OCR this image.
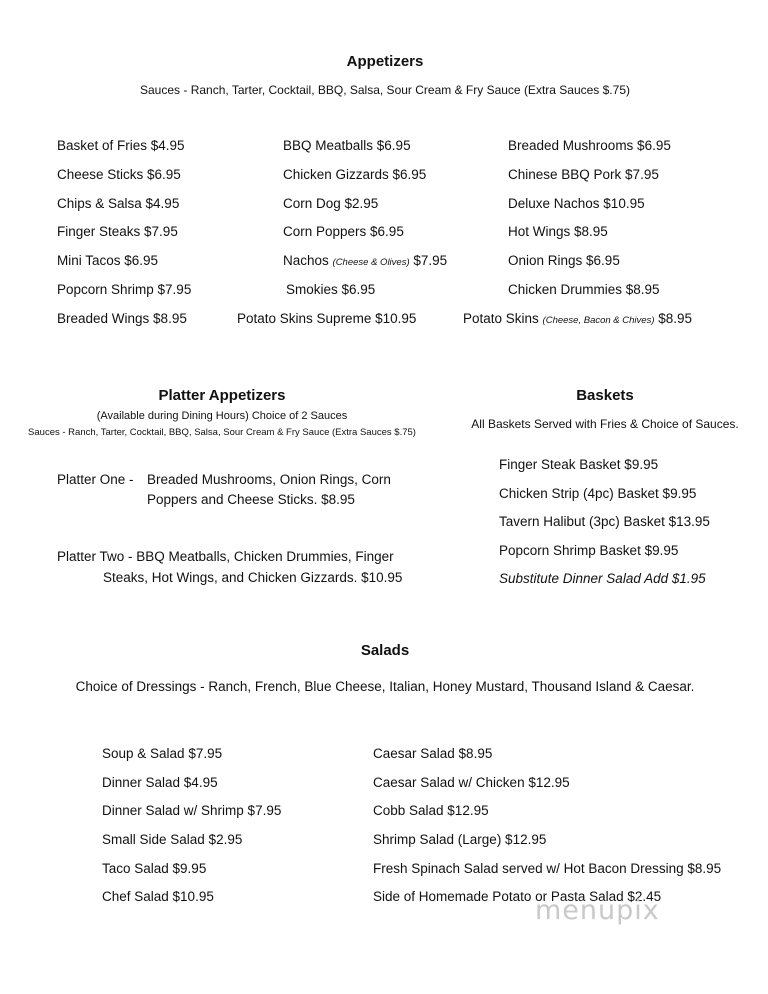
Appetizers
Sauces - Ranch, Tarter, Cocktail, BBQ, Salsa, Sour Cream & Fry Sauce (Extra Sauces $.75)
Basket of Fries $4.95
Cheese Sticks $6.95
Chips & Salsa $4.95
Finger Steaks $7.95
Mini Tacos $6.95
Popcorn Shrimp $7.95
Breaded Wings $8.95
BBQ Meatballs $6.95
Chicken Gizzards $6.95
Corn Dog $2.95
Corn Poppers $6.95
Nachos (Cheese & Olives) $7.95
Smokies $6.95
Potato Skins Supreme $10.95
Breaded Mushrooms $6.95
Chinese BBQ Pork $7.95
Deluxe Nachos $10.95
Hot Wings $8.95
Onion Rings $6.95
Chicken Drummies $8.95
Potato Skins (Cheese, Bacon & Chives) $8.95
Platter Appetizers
(Available during Dining Hours) Choice of 2 Sauces
Sauces - Ranch, Tarter, Cocktail, BBQ, Salsa, Sour Cream & Fry Sauce (Extra Sauces $.75)
Platter One - Breaded Mushrooms, Onion Rings, Corn
Poppers and Cheese Sticks. $8.95
Platter Two - BBQ Meatballs, Chicken Drummies, Finger
Steaks, Hot Wings, and Chicken Gizzards. $10.95
Baskets
All Baskets Served with Fries & Choice of Sauces.
Finger Steak Basket $9.95
Chicken Strip (4pc) Basket $9.95
Tavern Halibut (3pc) Basket $13.95
Popcorn Shrimp Basket $9.95
Substitute Dinner Salad Add $1.95
Salads
Choice of Dressings - Ranch, French, Blue Cheese, Italian, Honey Mustard, Thousand Island & Caesar.
Soup & Salad $7.95
Dinner Salad $4.95
Dinner Salad w/ Shrimp $7.95
Small Side Salad $2.95
Taco Salad $9.95
Chef Salad $10.95
Caesar Salad $8.95
Caesar Salad w/ Chicken $12.95
Cobb Salad $12.95
Shrimp Salad (Large) $12.95
Fresh Spinach Salad served w/ Hot Bacon Dressing $8.95
Side of Homemade Potato or Pasta Salad $2.45
menupix
